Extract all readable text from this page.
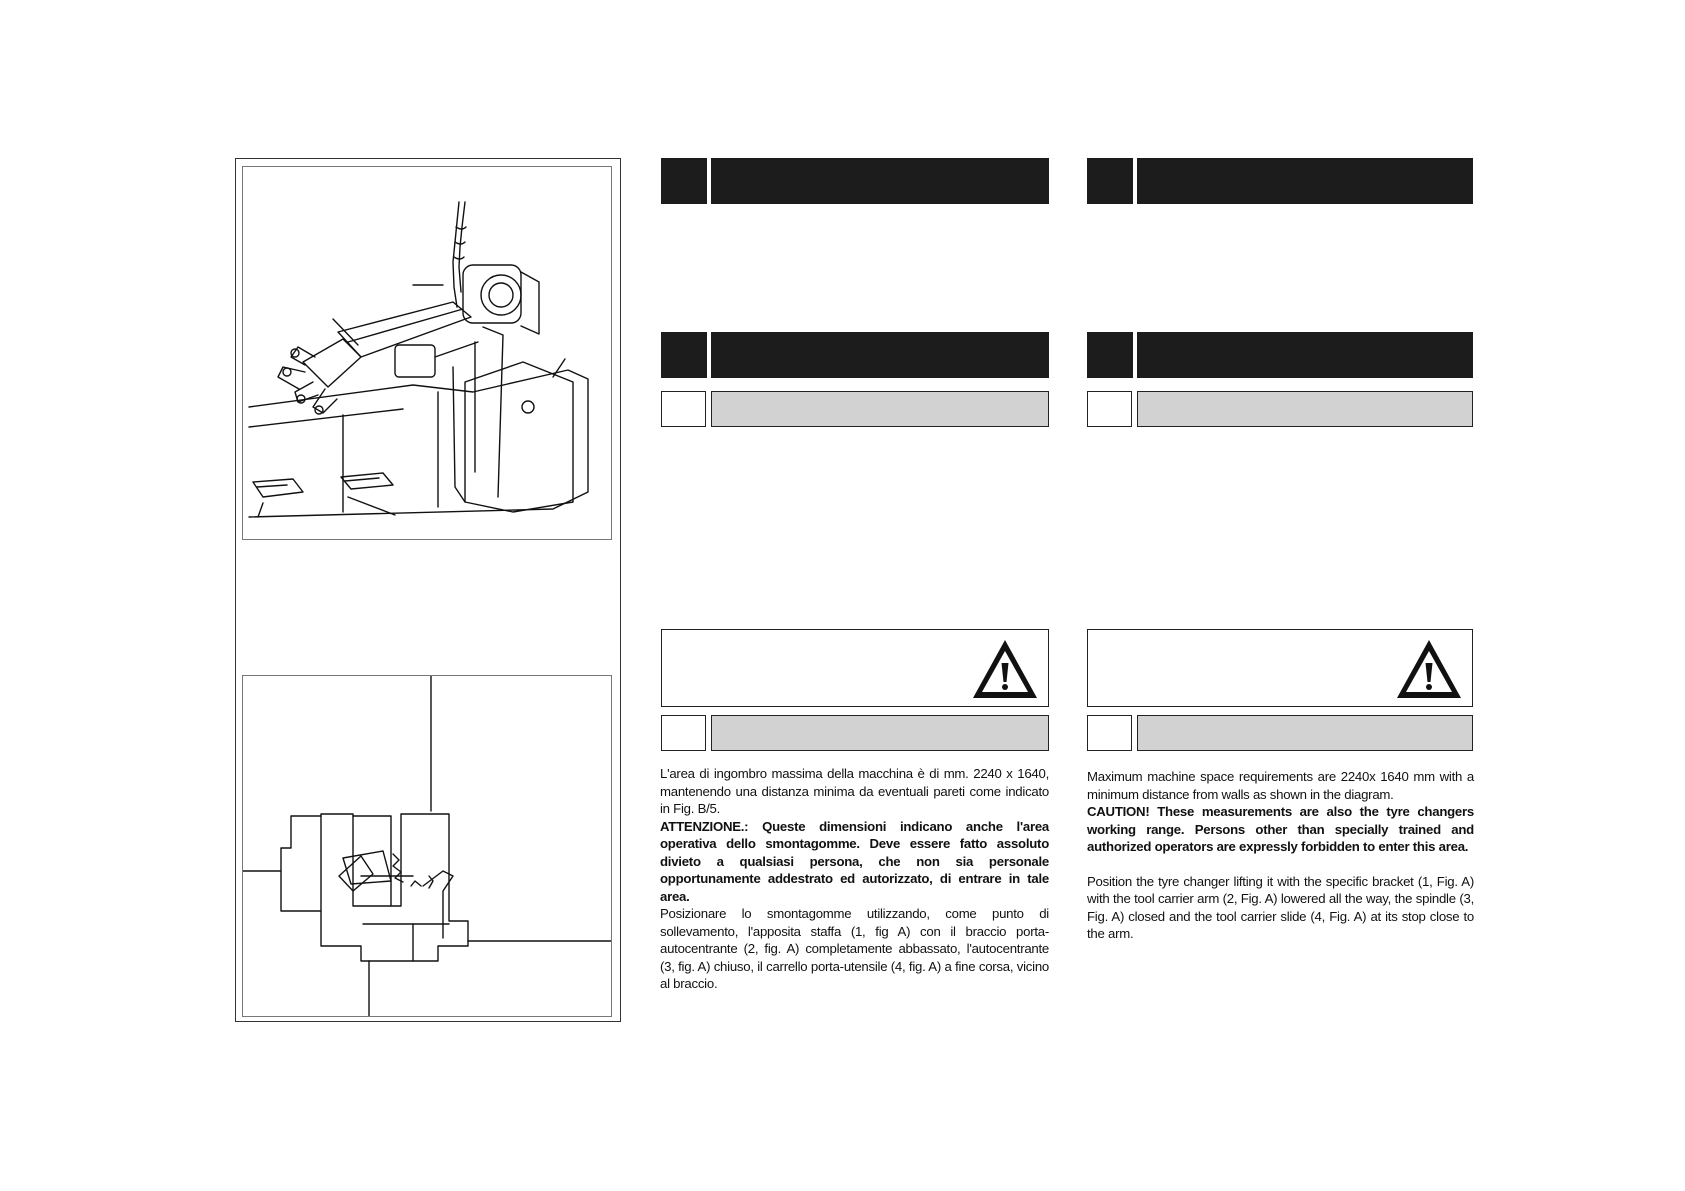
L'area di ingombro massima della macchina è di mm. 2240 x 1640, mantenendo una distanza minima da eventuali pareti come indicato in Fig. B/5.

ATTENZIONE.: Queste dimensioni indicano anche l'area operativa dello smontagomme. Deve essere fatto assoluto divieto a qualsiasi persona, che non sia personale opportunamente addestrato ed autorizzato, di entrare in tale area.

Posizionare lo smontagomme utilizzando, come punto di sollevamento, l'apposita staffa (1, fig A) con il braccio porta-autocentrante (2, fig. A) completamente abbassato, l'autocentrante (3, fig. A) chiuso, il carrello porta-utensile (4, fig. A) a fine corsa, vicino al braccio.

Maximum machine space requirements are 2240x 1640 mm with a minimum distance from walls as shown in the diagram.

CAUTION! These measurements are also the tyre changers working range. Persons other than specially trained and authorized operators are expressly forbidden to enter this area.

Position the tyre changer lifting it with the specific bracket (1, Fig. A) with the tool carrier arm (2, Fig. A) lowered all the way, the spindle (3, Fig. A) closed and the tool carrier slide (4, Fig. A) at its stop close to the arm.
